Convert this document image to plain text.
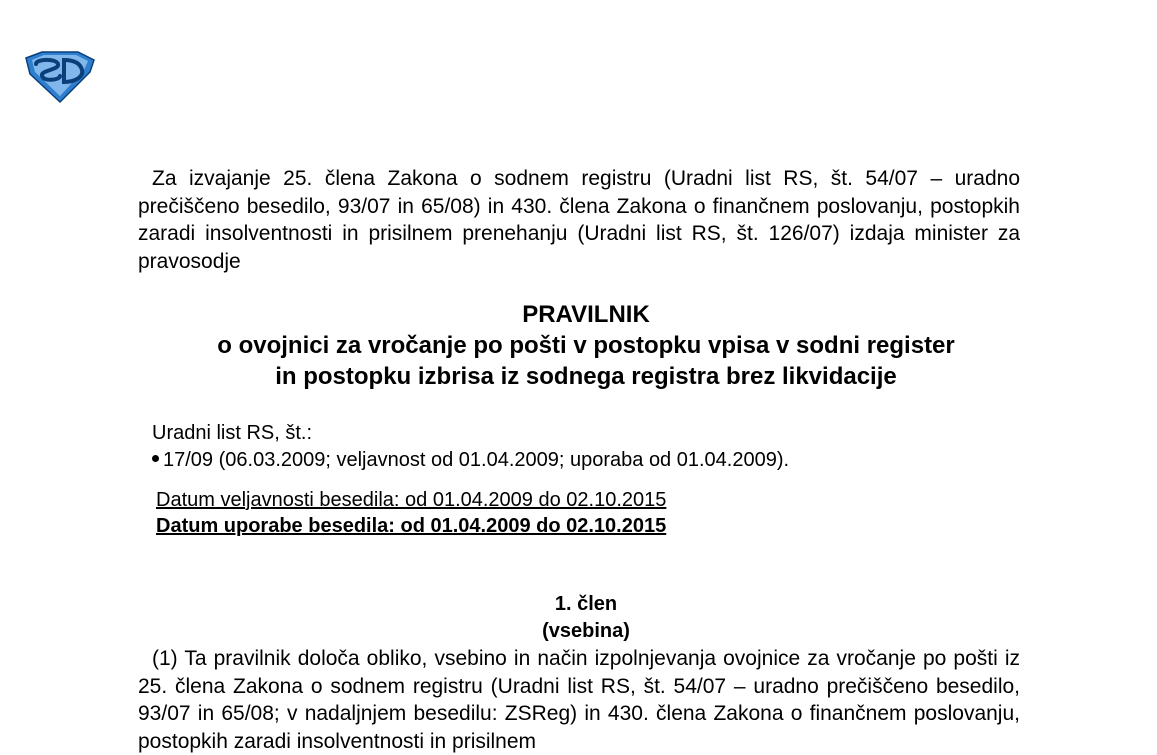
Za izvajanje 25. člena Zakona o sodnem registru (Uradni list RS, št. 54/07 – uradno prečiščeno besedilo, 93/07 in 65/08) in 430. člena Zakona o finančnem poslovanju, postopkih zaradi insolventnosti in prisilnem prenehanju (Uradni list RS, št. 126/07) izdaja minister za pravosodje
PRAVILNIK
o ovojnici za vročanje po pošti v postopku vpisa v sodni register
in postopku izbrisa iz sodnega registra brez likvidacije
Uradni list RS, št.:
17/09 (06.03.2009; veljavnost od 01.04.2009; uporaba od 01.04.2009).
Datum veljavnosti besedila: od 01.04.2009 do 02.10.2015
Datum uporabe besedila: od 01.04.2009 do 02.10.2015
1. člen
(vsebina)
(1) Ta pravilnik določa obliko, vsebino in način izpolnjevanja ovojnice za vročanje po pošti iz 25. člena Zakona o sodnem registru (Uradni list RS, št. 54/07 – uradno prečiščeno besedilo, 93/07 in 65/08; v nadaljnjem besedilu: ZSReg) in 430. člena Zakona o finančnem poslovanju, postopkih zaradi insolventnosti in prisilnem
